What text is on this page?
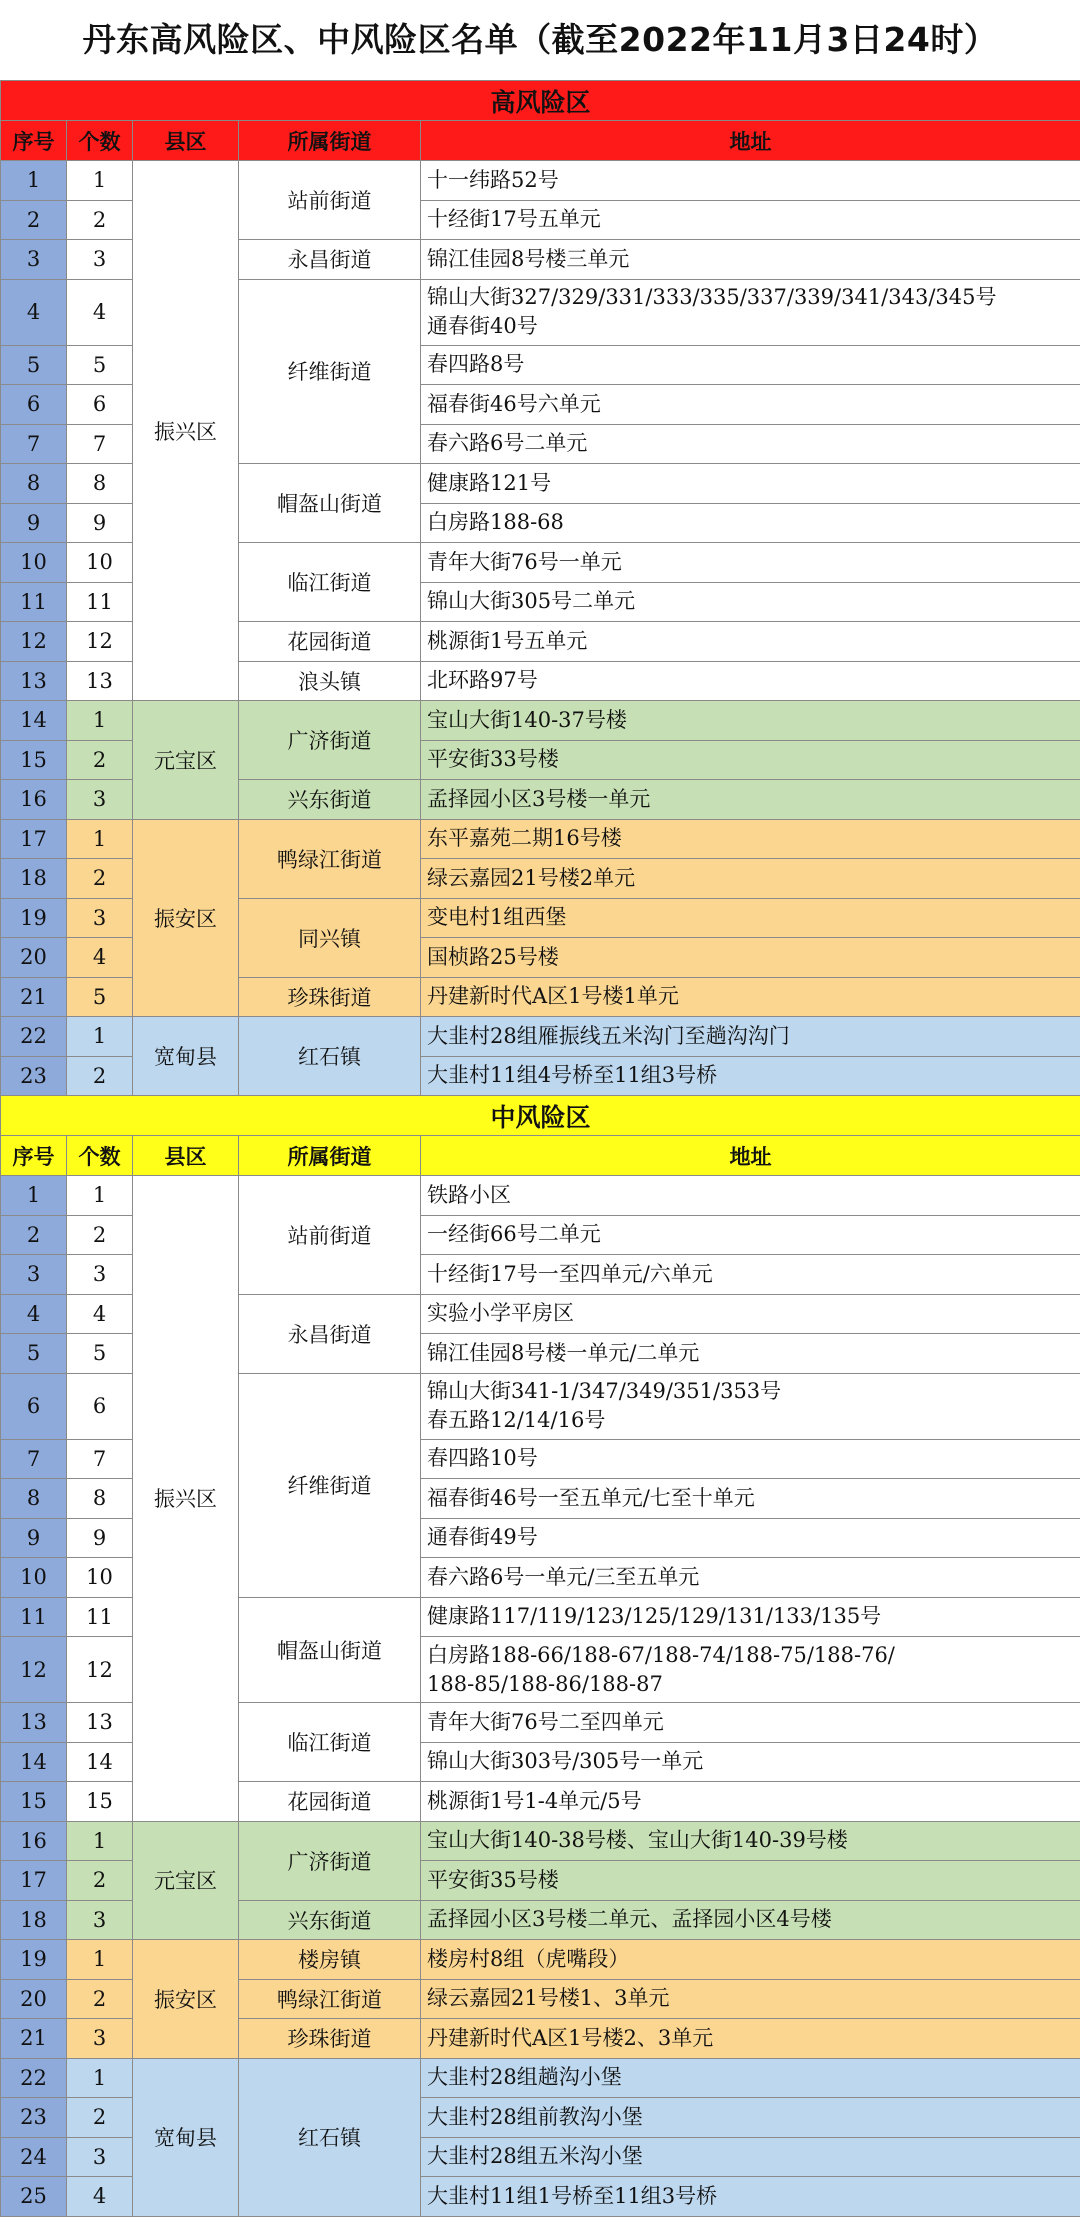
丹东高风险区、中风险区名单（截至2022年11月3日24时）
高风险区				
序号	个数	县区	所属街道	地址
1	1	振兴区	站前街道	十一纬路52号
2	2			十经街17号五单元
3	3		永昌街道	锦江佳园8号楼三单元
4	4		纤维街道	锦山大街327/329/331/333/335/337/339/341/343/345号
通春街40号
5	5			春四路8号
6	6			福春街46号六单元
7	7			春六路6号二单元
8	8		帽盔山街道	健康路121号
9	9			白房路188-68
10	10		临江街道	青年大街76号一单元
11	11			锦山大街305号二单元
12	12		花园街道	桃源街1号五单元
13	13		浪头镇	北环路97号
14	1	元宝区	广济街道	宝山大街140-37号楼
15	2			平安街33号楼
16	3		兴东街道	孟择园小区3号楼一单元
17	1	振安区	鸭绿江街道	东平嘉苑二期16号楼
18	2			绿云嘉园21号楼2单元
19	3		同兴镇	变电村1组西堡
20	4			国桢路25号楼
21	5		珍珠街道	丹建新时代A区1号楼1单元
22	1	宽甸县	红石镇	大韭村28组雁振线五米沟门至趟沟沟门
23	2			大韭村11组4号桥至11组3号桥
中风险区				
序号	个数	县区	所属街道	地址
1	1	振兴区	站前街道	铁路小区
2	2			一经街66号二单元
3	3			十经街17号一至四单元/六单元
4	4		永昌街道	实验小学平房区
5	5			锦江佳园8号楼一单元/二单元
6	6		纤维街道	锦山大街341-1/347/349/351/353号
春五路12/14/16号
7	7			春四路10号
8	8			福春街46号一至五单元/七至十单元
9	9			通春街49号
10	10			春六路6号一单元/三至五单元
11	11		帽盔山街道	健康路117/119/123/125/129/131/133/135号
12	12			白房路188-66/188-67/188-74/188-75/188-76/
188-85/188-86/188-87
13	13		临江街道	青年大街76号二至四单元
14	14			锦山大街303号/305号一单元
15	15		花园街道	桃源街1号1-4单元/5号
16	1	元宝区	广济街道	宝山大街140-38号楼、宝山大街140-39号楼
17	2			平安街35号楼
18	3		兴东街道	孟择园小区3号楼二单元、孟择园小区4号楼
19	1	振安区	楼房镇	楼房村8组（虎嘴段）
20	2		鸭绿江街道	绿云嘉园21号楼1、3单元
21	3		珍珠街道	丹建新时代A区1号楼2、3单元
22	1	宽甸县	红石镇	大韭村28组趟沟小堡
23	2			大韭村28组前教沟小堡
24	3			大韭村28组五米沟小堡
25	4			大韭村11组1号桥至11组3号桥
